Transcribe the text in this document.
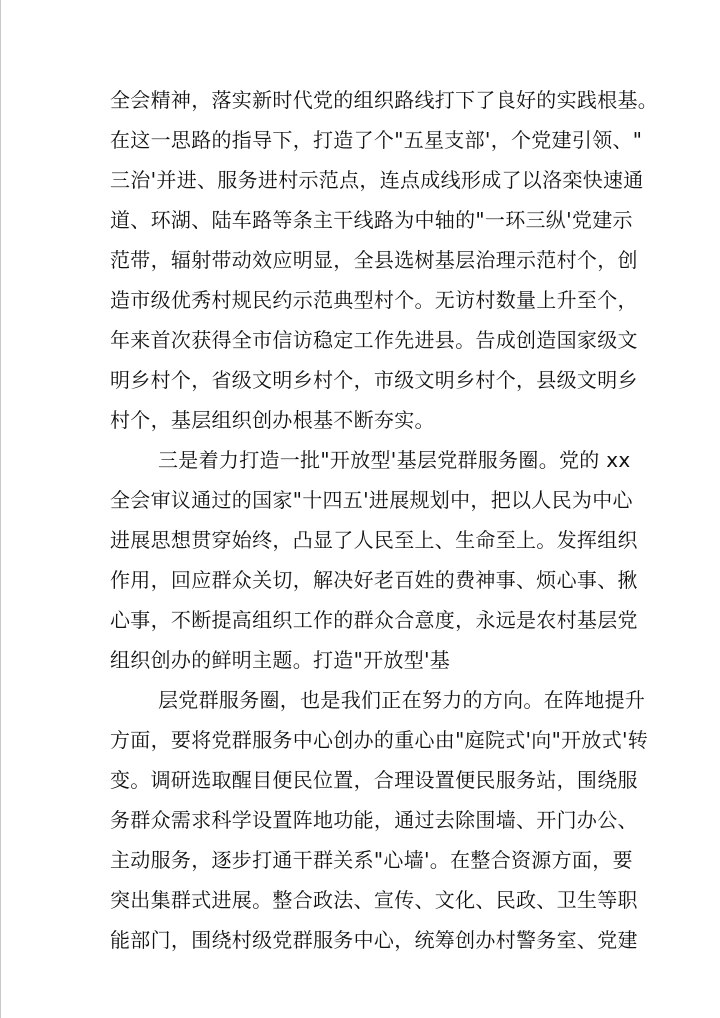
全会精神，落实新时代党的组织路线打下了良好的实践根基。
在这一思路的指导下，打造了个"五星支部'，个党建引领、"
三治'并进、服务进村示范点，连点成线形成了以洛栾快速通
道、环湖、陆车路等条主干线路为中轴的"一环三纵'党建示
范带，辐射带动效应明显，全县选树基层治理示范村个，创
造市级优秀村规民约示范典型村个。无访村数量上升至个，
年来首次获得全市信访稳定工作先进县。告成创造国家级文
明乡村个，省级文明乡村个，市级文明乡村个，县级文明乡
村个，基层组织创办根基不断夯实。
三是着力打造一批"开放型'基层党群服务圈。党的 xx
全会审议通过的国家"十四五'进展规划中，把以人民为中心
进展思想贯穿始终，凸显了人民至上、生命至上。发挥组织
作用，回应群众关切，解决好老百姓的费神事、烦心事、揪
心事，不断提高组织工作的群众合意度，永远是农村基层党
组织创办的鲜明主题。打造"开放型'基
层党群服务圈，也是我们正在努力的方向。在阵地提升
方面，要将党群服务中心创办的重心由"庭院式'向"开放式'转
变。调研选取醒目便民位置，合理设置便民服务站，围绕服
务群众需求科学设置阵地功能，通过去除围墙、开门办公、
主动服务，逐步打通干群关系"心墙'。在整合资源方面，要
突出集群式进展。整合政法、宣传、文化、民政、卫生等职
能部门，围绕村级党群服务中心，统筹创办村警务室、党建
